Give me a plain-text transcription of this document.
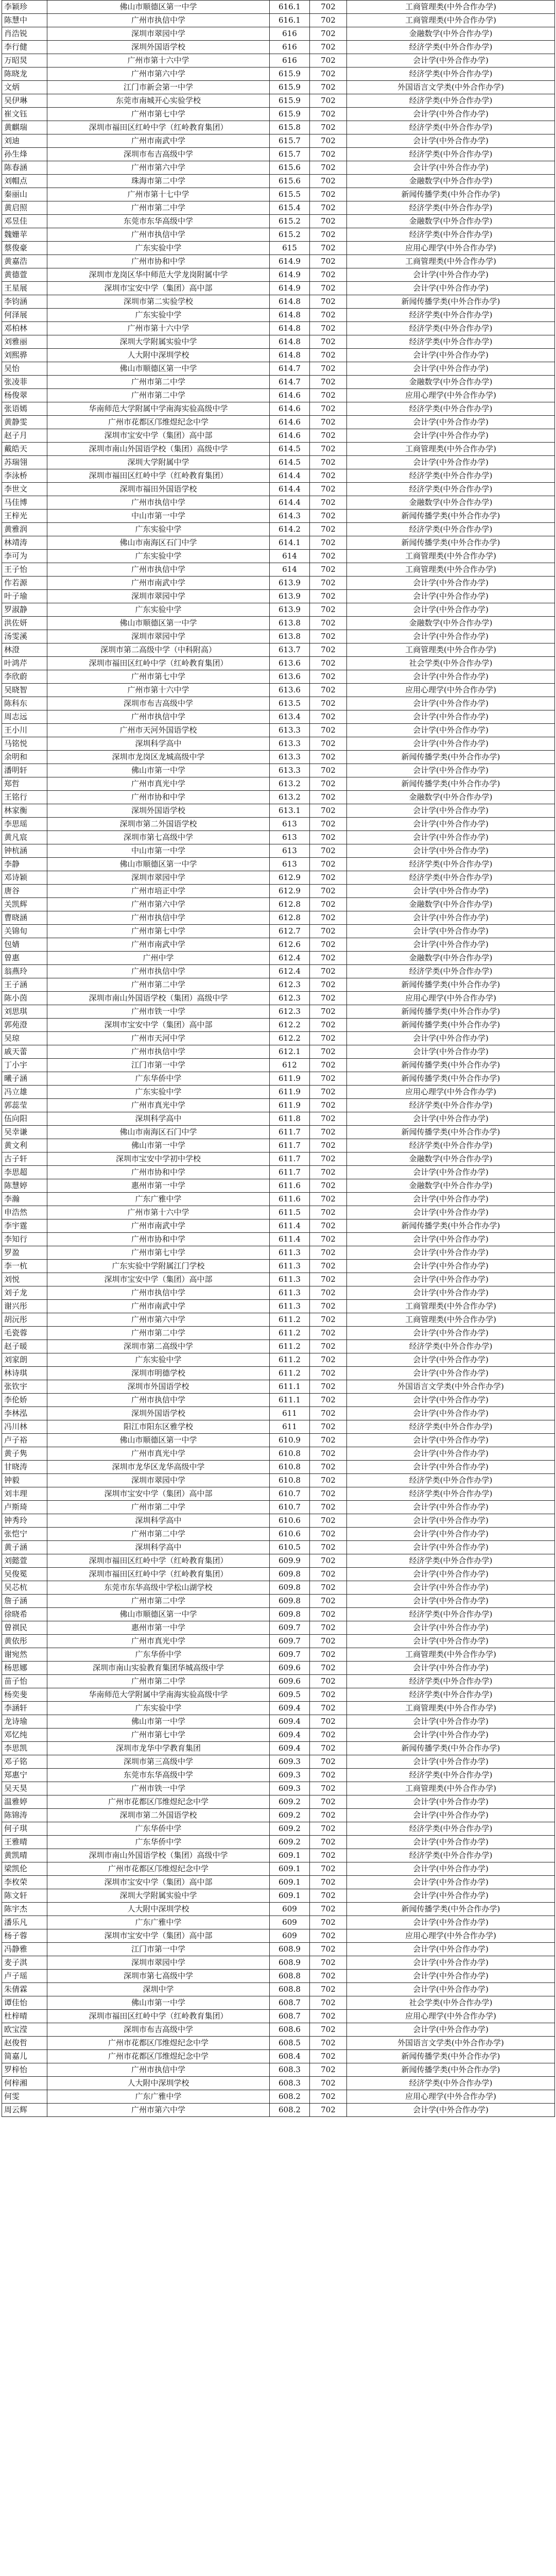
李颖珍	佛山市顺德区第一中学	616.1	702	工商管理类(中外合作办学)
陈慧中	广州市执信中学	616.1	702	工商管理类(中外合作办学)
肖浩锐	深圳市翠园中学	616	702	金融数学(中外合作办学)
李行健	深圳外国语学校	616	702	经济学类(中外合作办学)
万昭炅	广州市第十六中学	616	702	会计学(中外合作办学)
陈晓龙	广州市第六中学	615.9	702	经济学类(中外合作办学)
文炳	江门市新会第一中学	615.9	702	外国语言文学类(中外合作办学)
吴伊琳	东莞市南城开心实验学校	615.9	702	经济学类(中外合作办学)
崔文钰	广州市第七中学	615.9	702	会计学(中外合作办学)
黄麒瑞	深圳市福田区红岭中学（红岭教育集团）	615.8	702	经济学类(中外合作办学)
刘迪	广州市南武中学	615.7	702	会计学(中外合作办学)
孙生烽	深圳市布吉高级中学	615.7	702	经济学类(中外合作办学)
陈春涵	广州市第六中学	615.6	702	会计学(中外合作办学)
刘帽点	珠海市第二中学	615.6	702	金融数学(中外合作办学)
秦丽山	广州市第十七中学	615.5	702	新闻传播学类(中外合作办学)
黄启照	广州市第二中学	615.4	702	经济学类(中外合作办学)
邓昱佳	东莞市东华高级中学	615.2	702	金融数学(中外合作办学)
魏姗苹	广州市执信中学	615.2	702	经济学类(中外合作办学)
蔡俊豪	广东实验中学	615	702	应用心理学(中外合作办学)
黄嘉浩	广州市协和中学	614.9	702	工商管理类(中外合作办学)
黄德萱	深圳市龙岗区华中师范大学龙岗附属中学	614.9	702	会计学(中外合作办学)
王星展	深圳市宝安中学（集团）高中部	614.9	702	会计学(中外合作办学)
李钧涵	深圳市第二实验学校	614.8	702	新闻传播学类(中外合作办学)
何泽展	广东实验中学	614.8	702	经济学类(中外合作办学)
邓柏林	广州市第十六中学	614.8	702	经济学类(中外合作办学)
刘雅丽	深圳大学附属实验中学	614.8	702	经济学类(中外合作办学)
刘熙骅	人大附中深圳学校	614.8	702	会计学(中外合作办学)
吴怡	佛山市顺德区第一中学	614.7	702	会计学(中外合作办学)
张凌菲	广州市第二中学	614.7	702	金融数学(中外合作办学)
杨俊翠	广州市第二中学	614.6	702	应用心理学(中外合作办学)
张语嫣	华南师范大学附属中学南海实验高级中学	614.6	702	经济学类(中外合作办学)
黄静雯	广州市花都区邝维煜纪念中学	614.6	702	会计学(中外合作办学)
赵子月	深圳市宝安中学（集团）高中部	614.6	702	会计学(中外合作办学)
戴皓天	深圳市南山外国语学校（集团）高级中学	614.5	702	工商管理类(中外合作办学)
苏瑞翎	深圳大学附属中学	614.5	702	会计学(中外合作办学)
李泳桥	深圳市福田区红岭中学（红岭教育集团）	614.4	702	经济学类(中外合作办学)
李世文	深圳市福田外国语学校	614.4	702	经济学类(中外合作办学)
马佳博	广州市执信中学	614.4	702	金融数学(中外合作办学)
王梓光	中山市第一中学	614.3	702	新闻传播学类(中外合作办学)
黄雅润	广东实验中学	614.2	702	经济学类(中外合作办学)
林靖涛	佛山市南海区石门中学	614.1	702	新闻传播学类(中外合作办学)
李可为	广东实验中学	614	702	工商管理类(中外合作办学)
王子怡	广州市执信中学	614	702	工商管理类(中外合作办学)
作若源	广州市南武中学	613.9	702	会计学(中外合作办学)
叶子瑜	深圳市翠园中学	613.9	702	会计学(中外合作办学)
罗淑静	广东实验中学	613.9	702	会计学(中外合作办学)
洪佐妍	佛山市顺德区第一中学	613.8	702	金融数学(中外合作办学)
汤雯溪	深圳市翠园中学	613.8	702	会计学(中外合作办学)
林澄	深圳市第二高级中学（中科附高）	613.7	702	工商管理类(中外合作办学)
叶鸿芹	深圳市福田区红岭中学（红岭教育集团）	613.6	702	社会学类(中外合作办学)
李欣蔚	广州市第七中学	613.6	702	会计学(中外合作办学)
吴晓智	广州市第十六中学	613.6	702	应用心理学(中外合作办学)
陈科东	深圳市布吉高级中学	613.5	702	会计学(中外合作办学)
周志远	广州市执信中学	613.4	702	会计学(中外合作办学)
王小川	广州市天河外国语学校	613.3	702	会计学(中外合作办学)
马铭悦	深圳科学高中	613.3	702	会计学(中外合作办学)
余明和	深圳市龙岗区龙城高级中学	613.3	702	新闻传播学类(中外合作办学)
潘明轩	佛山市第一中学	613.3	702	会计学(中外合作办学)
郑哲	广州市真光中学	613.2	702	新闻传播学类(中外合作办学)
王铭行	广州市协和中学	613.2	702	金融数学(中外合作办学)
林家衡	深圳外国语学校	613.1	702	会计学(中外合作办学)
李思瑶	深圳市第二外国语学校	613	702	会计学(中外合作办学)
黄凡宸	深圳市第七高级中学	613	702	会计学(中外合作办学)
钟杭涵	中山市第一中学	613	702	会计学(中外合作办学)
李静	佛山市顺德区第一中学	613	702	经济学类(中外合作办学)
邓诗颖	深圳市翠园中学	612.9	702	经济学类(中外合作办学)
唐谷	广州市培正中学	612.9	702	会计学(中外合作办学)
关凯辉	广州市第六中学	612.8	702	金融数学(中外合作办学)
曹晓涵	广州市执信中学	612.8	702	会计学(中外合作办学)
关锦旬	广州市第七中学	612.7	702	会计学(中外合作办学)
包婧	广州市南武中学	612.6	702	会计学(中外合作办学)
曾惠	广州中学	612.4	702	金融数学(中外合作办学)
翁燕玲	广州市执信中学	612.4	702	经济学类(中外合作办学)
王子涵	广州市第二中学	612.3	702	新闻传播学类(中外合作办学)
陈小茵	深圳市南山外国语学校（集团）高级中学	612.3	702	应用心理学(中外合作办学)
刘思琪	广州市铁一中学	612.3	702	新闻传播学类(中外合作办学)
郭苑澄	深圳市宝安中学（集团）高中部	612.2	702	新闻传播学类(中外合作办学)
吴琼	广州市天河中学	612.2	702	会计学(中外合作办学)
戚天蕾	广州市执信中学	612.1	702	会计学(中外合作办学)
丁小宇	江门市第一中学	612	702	新闻传播学类(中外合作办学)
曦子涵	广东华侨中学	611.9	702	新闻传播学类(中外合作办学)
冯立雄	广东实验中学	611.9	702	应用心理学(中外合作办学)
郭蕊莹	广州市真光中学	611.9	702	经济学类(中外合作办学)
伍向阳	深圳科学高中	611.8	702	会计学(中外合作办学)
吴幸谦	佛山市南海区石门中学	611.7	702	新闻传播学类(中外合作办学)
黄文利	佛山市第一中学	611.7	702	经济学类(中外合作办学)
古子轩	深圳市宝安中学初中学校	611.7	702	金融数学(中外合作办学)
李思超	广州市协和中学	611.7	702	会计学(中外合作办学)
陈慧婷	惠州市第一中学	611.6	702	金融数学(中外合作办学)
李瀚	广东广雅中学	611.6	702	会计学(中外合作办学)
申浩然	广州市第十六中学	611.5	702	会计学(中外合作办学)
李宇霆	广州市南武中学	611.4	702	新闻传播学类(中外合作办学)
李知行	广州市协和中学	611.4	702	会计学(中外合作办学)
罗盈	广州市第七中学	611.3	702	会计学(中外合作办学)
李一杭	广东实验中学附属江门学校	611.3	702	会计学(中外合作办学)
刘悦	深圳市宝安中学（集团）高中部	611.3	702	会计学(中外合作办学)
刘子龙	广州市执信中学	611.3	702	会计学(中外合作办学)
谢兴彤	广州市南武中学	611.3	702	工商管理类(中外合作办学)
胡沅彤	广州市第六中学	611.2	702	工商管理类(中外合作办学)
毛瓷蓉	广州市第二中学	611.2	702	会计学(中外合作办学)
赵子暖	深圳市第二高级中学	611.2	702	经济学类(中外合作办学)
刘家朗	广东实验中学	611.2	702	会计学(中外合作办学)
林诗琪	深圳市明德学校	611.2	702	会计学(中外合作办学)
张钦宇	深圳市外国语学校	611.1	702	外国语言文学类(中外合作办学)
李伦娇	广州市执信中学	611.1	702	会计学(中外合作办学)
李林泓	深圳外国语学校	611	702	会计学(中外合作办学)
冯川林	阳江市阳东区雅学校	611	702	经济学类(中外合作办学)
卢子裕	佛山市顺德区第一中学	610.9	702	会计学(中外合作办学)
黄子隽	广州市真光中学	610.8	702	会计学(中外合作办学)
甘晓涛	深圳市龙华区龙华高级中学	610.8	702	会计学(中外合作办学)
钟毅	深圳市翠园中学	610.8	702	经济学类(中外合作办学)
刘丰理	深圳市宝安中学（集团）高中部	610.7	702	经济学类(中外合作办学)
卢斯琦	广州市第二中学	610.7	702	会计学(中外合作办学)
钟秀玲	深圳科学高中	610.6	702	会计学(中外合作办学)
张恺宁	广州市第二中学	610.6	702	会计学(中外合作办学)
黄子涵	深圳科学高中	610.5	702	会计学(中外合作办学)
刘懿萱	深圳市福田区红岭中学（红岭教育集团）	609.9	702	经济学类(中外合作办学)
吴俊冕	深圳市福田区红岭中学（红岭教育集团）	609.8	702	会计学(中外合作办学)
吴芯杭	东莞市东华高级中学松山湖学校	609.8	702	会计学(中外合作办学)
詹子涵	广州市第二中学	609.8	702	会计学(中外合作办学)
徐晓希	佛山市顺德区第一中学	609.8	702	经济学类(中外合作办学)
曾祺民	惠州市第一中学	609.7	702	会计学(中外合作办学)
黄依彤	广州市真光中学	609.7	702	会计学(中外合作办学)
谢宛然	广东华侨中学	609.7	702	工商管理类(中外合作办学)
杨思娜	深圳市南山实验教育集团华城高级中学	609.6	702	会计学(中外合作办学)
苗子怡	广州市第二中学	609.6	702	经济学类(中外合作办学)
杨奕斐	华南师范大学附属中学南海实验高级中学	609.5	702	经济学类(中外合作办学)
李涵轩	广东实验中学	609.4	702	工商管理类(中外合作办学)
龙诗瑜	佛山市第一中学	609.4	702	会计学(中外合作办学)
邓忆纯	广州市第七中学	609.4	702	会计学(中外合作办学)
李思凯	深圳市龙华中学教育集团	609.4	702	新闻传播学类(中外合作办学)
邓子铭	深圳市第三高级中学	609.3	702	会计学(中外合作办学)
郑惠宁	东莞市东华高级中学	609.3	702	经济学类(中外合作办学)
吴天昊	广州市铁一中学	609.3	702	工商管理类(中外合作办学)
温雅婷	广州市花都区邝维煜纪念中学	609.2	702	会计学(中外合作办学)
陈锦涛	深圳市第二外国语学校	609.2	702	会计学(中外合作办学)
何子琪	广东华侨中学	609.2	702	经济学类(中外合作办学)
王雅晴	广东华侨中学	609.2	702	会计学(中外合作办学)
黄凯晴	深圳市南山外国语学校（集团）高级中学	609.1	702	经济学类(中外合作办学)
梁凯伦	广州市花都区邝维煜纪念中学	609.1	702	会计学(中外合作办学)
李枚荣	深圳市宝安中学（集团）高中部	609.1	702	会计学(中外合作办学)
陈文轩	深圳大学附属实验中学	609.1	702	会计学(中外合作办学)
陈宇杰	人大附中深圳学校	609	702	新闻传播学类(中外合作办学)
潘乐凡	广东广雅中学	609	702	会计学(中外合作办学)
杨子蓉	深圳市宝安中学（集团）高中部	609	702	应用心理学(中外合作办学)
冯静雅	江门市第一中学	608.9	702	会计学(中外合作办学)
麦子淇	深圳市翠园中学	608.9	702	会计学(中外合作办学)
卢子瑶	深圳市第七高级中学	608.8	702	会计学(中外合作办学)
朱倩霖	深圳中学	608.8	702	会计学(中外合作办学)
谭佳怡	佛山市第一中学	608.7	702	社会学类(中外合作办学)
杜梓晴	深圳市福田区红岭中学（红岭教育集团）	608.7	702	应用心理学(中外合作办学)
欧宝滢	深圳市布吉高级中学	608.6	702	会计学(中外合作办学)
赵俊哲	广州市花都区邝维煜纪念中学	608.5	702	外国语言文学类(中外合作办学)
简嘉儿	广州市花都区邝维煜纪念中学	608.4	702	新闻传播学类(中外合作办学)
罗梓怡	广州市执信中学	608.3	702	新闻传播学类(中外合作办学)
何梓湘	人大附中深圳学校	608.3	702	经济学类(中外合作办学)
何雯	广东广雅中学	608.2	702	应用心理学(中外合作办学)
周云辉	广州市第六中学	608.2	702	会计学(中外合作办学)
